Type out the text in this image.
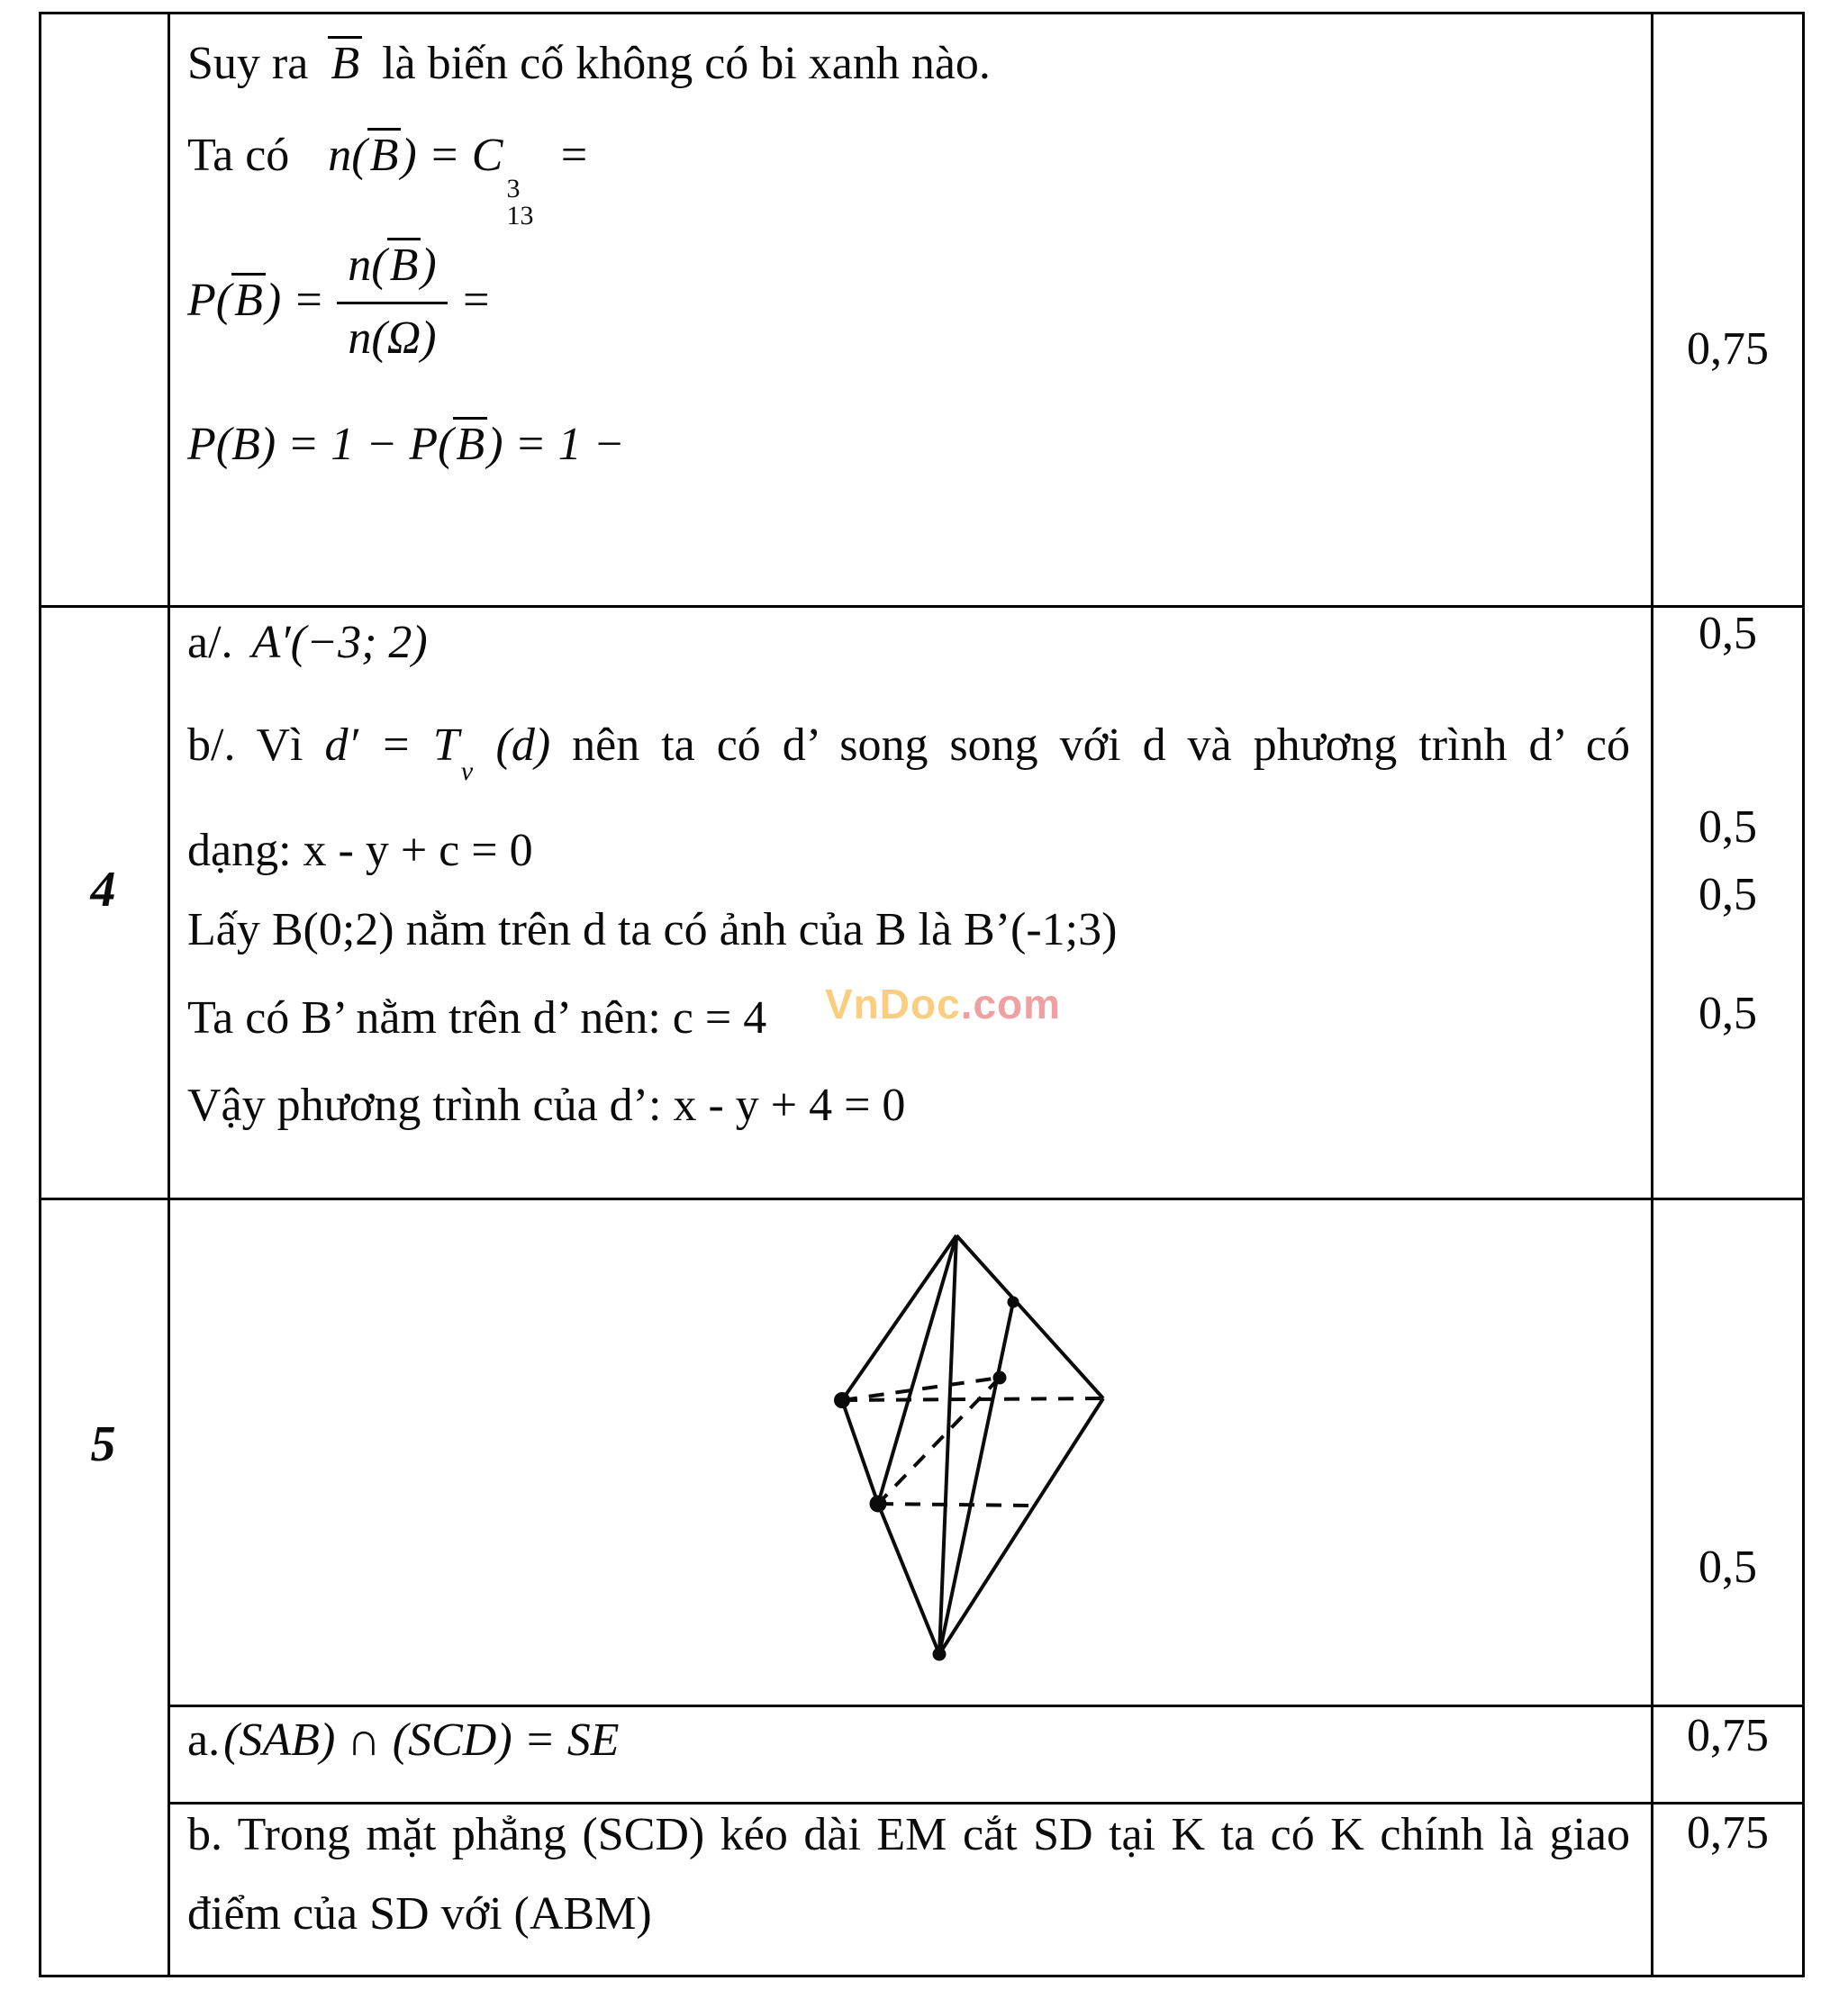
Suy ra B là biến cố không có bi xanh nào.
Ta có n(B) = C
3
13
=
$P(B) = \frac{n(B)}{n(\Omega)}$ =
P(B) = 1 − P(B) = 1 −
0,75
4
a/. A′(−3; 2)
b/. Vì $d' = T_{v⃗}(d)$ nên ta có d’ song song với d và phương trình d’ có
dạng: x - y + c = 0
Lấy B(0;2) nằm trên d ta có ảnh của B là B’(-1;3)
Ta có B’ nằm trên d’ nên: c = 4
Vậy phương trình của d’: x - y + 4 = 0
VnDoc.com
0,5
0,5
0,5
0,5
5
0,5
a.(SAB) ∩ (SCD) = SE	0,75
b. Trong mặt phẳng (SCD) kéo dài EM cắt SD tại K ta có K chính là giao
điểm của SD với (ABM)
0,75
